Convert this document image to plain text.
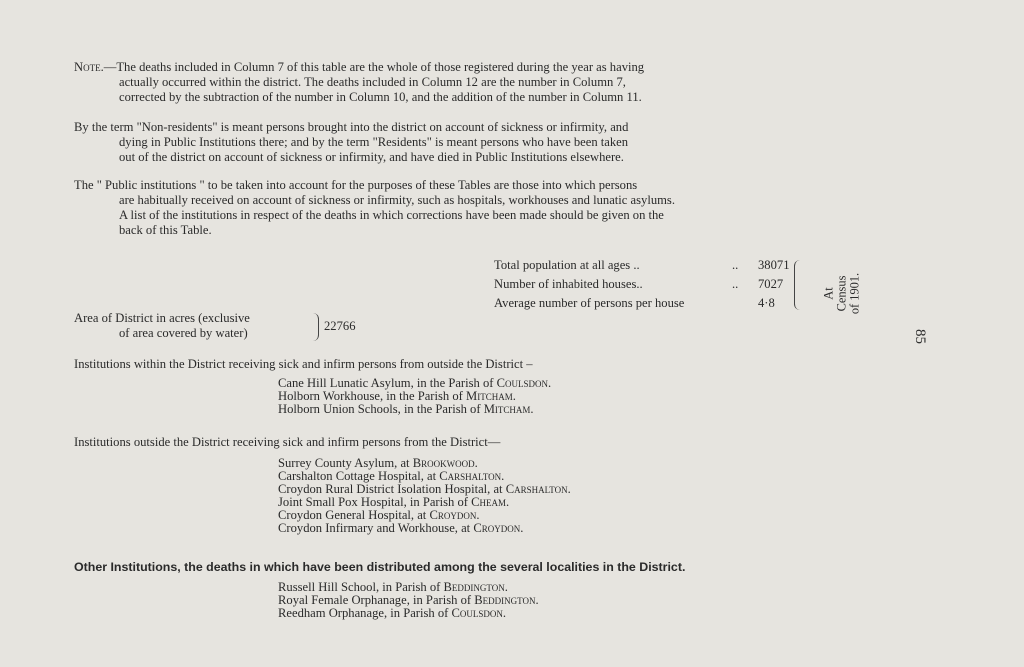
Note.—The deaths included in Column 7 of this table are the whole of those registered during the year as having
actually occurred within the district. The deaths included in Column 12 are the number in Column 7,
corrected by the subtraction of the number in Column 10, and the addition of the number in Column 11.
By the term "Non-residents" is meant persons brought into the district on account of sickness or infirmity, and
dying in Public Institutions there; and by the term "Residents" is meant persons who have been taken
out of the district on account of sickness or infirmity, and have died in Public Institutions elsewhere.
The " Public institutions " to be taken into account for the purposes of these Tables are those into which persons
are habitually received on account of sickness or infirmity, such as hospitals, workhouses and lunatic asylums.
A list of the institutions in respect of the deaths in which corrections have been made should be given on the
back of this Table.
Total population at all ages ..	.. 38071
Number of inhabited houses..	.. 7027
Average number of persons per house	4·8
At Census of 1901.
Area of District in acres (exclusive
of area covered by water)	22766
85
Institutions within the District receiving sick and infirm persons from outside the District –
Cane Hill Lunatic Asylum, in the Parish of Coulsdon.
Holborn Workhouse, in the Parish of Mitcham.
Holborn Union Schools, in the Parish of Mitcham.
Institutions outside the District receiving sick and infirm persons from the District—
Surrey County Asylum, at Brookwood.
Carshalton Cottage Hospital, at Carshalton.
Croydon Rural District Isolation Hospital, at Carshalton.
Joint Small Pox Hospital, in Parish of Cheam.
Croydon General Hospital, at Croydon.
Croydon Infirmary and Workhouse, at Croydon.
Other Institutions, the deaths in which have been distributed among the several localities in the District.
Russell Hill School, in Parish of Beddington.
Royal Female Orphanage, in Parish of Beddington.
Reedham Orphanage, in Parish of Coulsdon.
